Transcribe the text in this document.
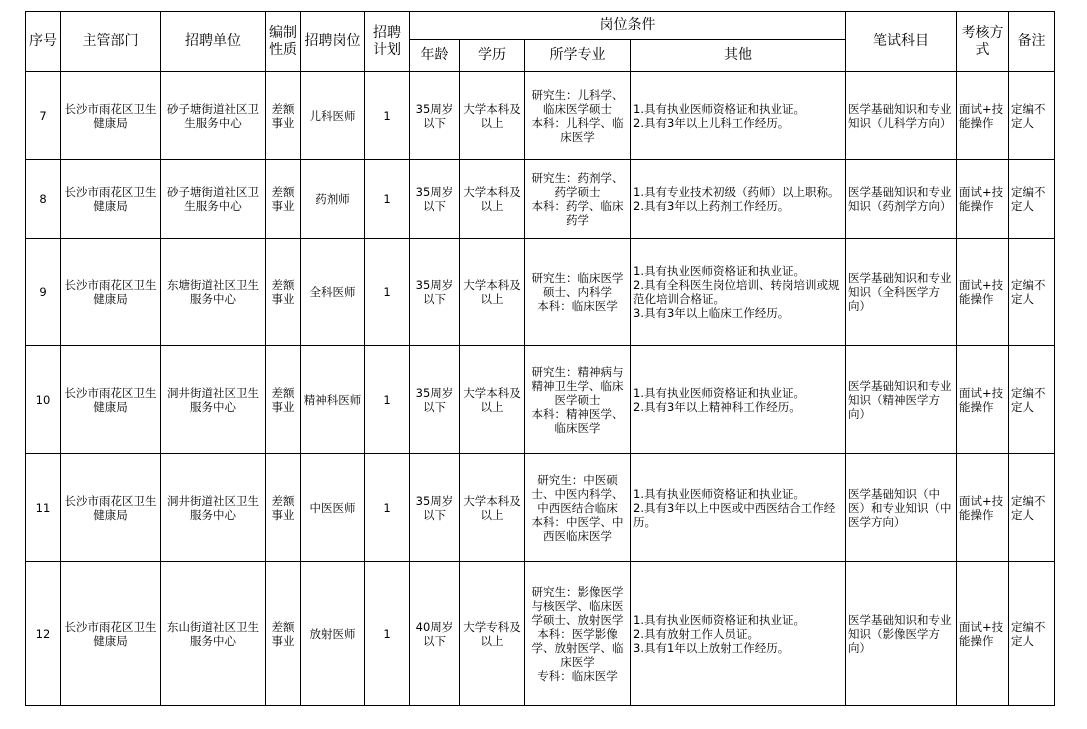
序号	主管部门	招聘单位	编制性质	招聘岗位	招聘计划	岗位条件				笔试科目	考核方式	备注
						年龄	学历	所学专业	其他			
7	长沙市雨花区卫生健康局	砂子塘街道社区卫生服务中心	差额事业	儿科医师	1	35周岁以下	大学本科及以上	研究生：儿科学、临床医学硕士
本科：儿科学、临床医学	1.具有执业医师资格证和执业证。
2.具有3年以上儿科工作经历。	医学基础知识和专业知识（儿科学方向）	面试+技能操作	定编不定人
8	长沙市雨花区卫生健康局	砂子塘街道社区卫生服务中心	差额事业	药剂师	1	35周岁以下	大学本科及以上	研究生：药剂学、药学硕士
本科：药学、临床药学	1.具有专业技术初级（药师）以上职称。
2.具有3年以上药剂工作经历。	医学基础知识和专业知识（药剂学方向）	面试+技能操作	定编不定人
9	长沙市雨花区卫生健康局	东塘街道社区卫生服务中心	差额事业	全科医师	1	35周岁以下	大学本科及以上	研究生：临床医学硕士、内科学
本科：临床医学	1.具有执业医师资格证和执业证。
2.具有全科医生岗位培训、转岗培训或规范化培训合格证。
3.具有3年以上临床工作经历。	医学基础知识和专业知识（全科医学方向）	面试+技能操作	定编不定人
10	长沙市雨花区卫生健康局	洞井街道社区卫生服务中心	差额事业	精神科医师	1	35周岁以下	大学本科及以上	研究生：精神病与精神卫生学、临床医学硕士
本科：精神医学、临床医学	1.具有执业医师资格证和执业证。
2.具有3年以上精神科工作经历。	医学基础知识和专业知识（精神医学方向）	面试+技能操作	定编不定人
11	长沙市雨花区卫生健康局	洞井街道社区卫生服务中心	差额事业	中医医师	1	35周岁以下	大学本科及以上	研究生：中医硕士、中医内科学、中西医结合临床
本科：中医学、中西医临床医学	1.具有执业医师资格证和执业证。
2.具有3年以上中医或中西医结合工作经历。	医学基础知识（中医）和专业知识（中医学方向）	面试+技能操作	定编不定人
12	长沙市雨花区卫生健康局	东山街道社区卫生服务中心	差额事业	放射医师	1	40周岁以下	大学专科及以上	研究生：影像医学与核医学、临床医学硕士、放射医学
本科：医学影像学、放射医学、临床医学
专科：临床医学	1.具有执业医师资格证和执业证。
2.具有放射工作人员证。
3.具有1年以上放射工作经历。	医学基础知识和专业知识（影像医学方向）	面试+技能操作	定编不定人
